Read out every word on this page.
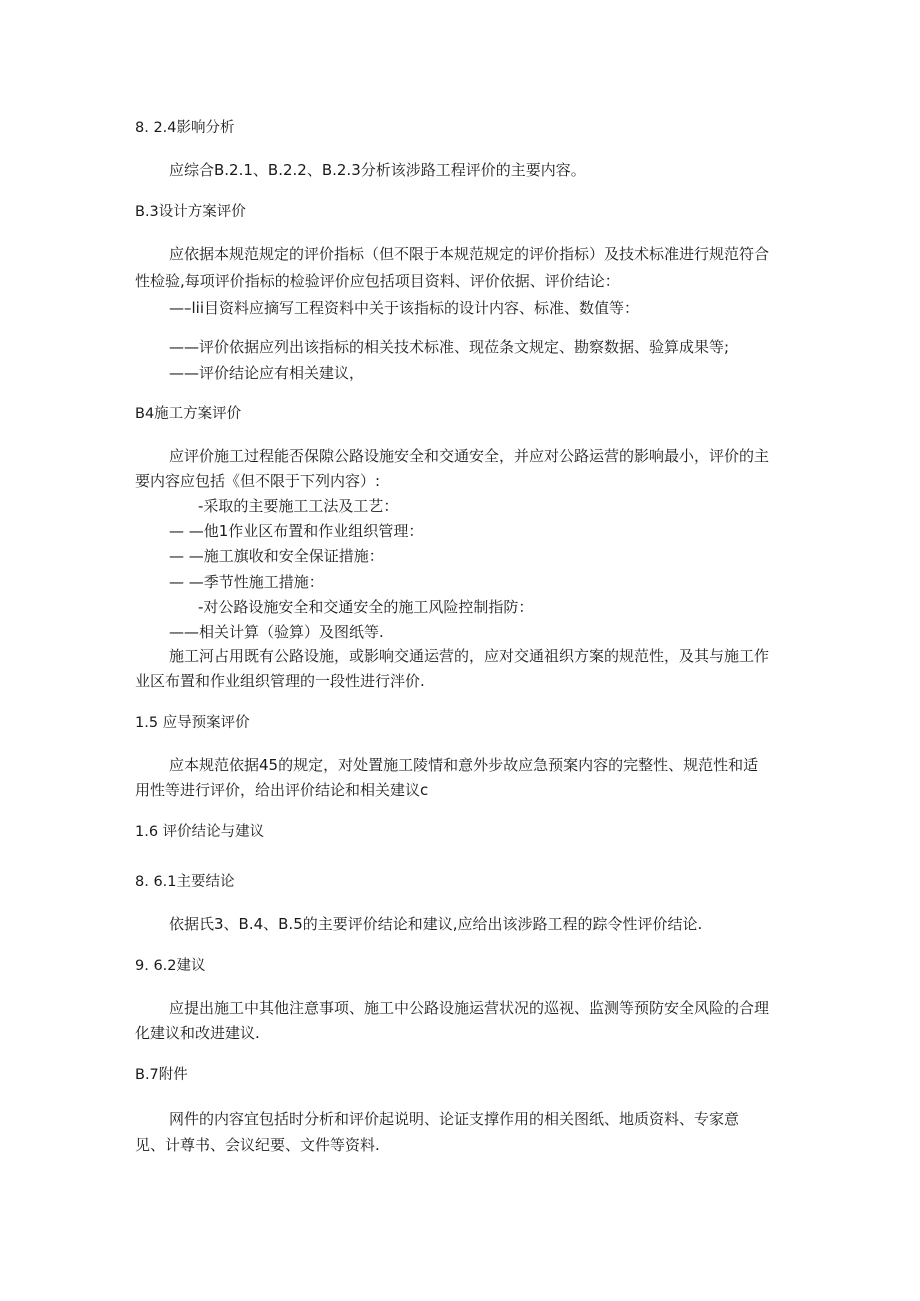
8. 2.4影响分析
应综合B.2.1、B.2.2、B.2.3分析该涉路工程评价的主要内容。
B.3设计方案评价
应依据本规范规定的评价指标（但不限于本规范规定的评价指标）及技术标准进行规范符合
性检验,每项评价指标的检验评价应包括项目资料、评价依据、评价结论：
—–lii目资料应摘写工程资料中关于该指标的设计内容、标准、数值等：
——评价依据应列出该指标的相关技术标准、现莅条文规定、勘察数据、验算成果等;
——评价结论应有相关建议，
B4施工方案评价
应评价施工过程能否保隙公路设施安全和交通安全，并应对公路运营的影响最小，评价的主
要内容应包括《但不限于下列内容）:
-采取的主要施工工法及工艺：
— —他1作业区布置和作业组织管理：
— —施工旗收和安全保证措施：
— —季节性施工措施：
-对公路设施安全和交通安全的施工风险控制指防：
——相关计算（验算）及图纸等.
施工河占用既有公路设施，或影响交通运营的，应对交通祖织方案的规范性，及其与施工作
业区布置和作业组织管理的一段性进行泮价.
1.5 应导预案评价
应本规范依据45的规定，对处置施工陵情和意外步故应急预案内容的完整性、规范性和适
用性等进行评价，给出评价结论和相关建议c
1.6 评价结论与建议
8. 6.1主要结论
依据氏3、B.4、B.5的主要评价结论和建议,应给出该涉路工程的踪令性评价结论.
9. 6.2建议
应提出施工中其他注意事项、施工中公路设施运营状况的巡视、监测等预防安全风险的合理
化建议和改进建议.
B.7附件
网件的内容宜包括时分析和评价起说明、论证支撑作用的相关图纸、地质资料、专家意
见、计尊书、会议纪要、文件等资料.
